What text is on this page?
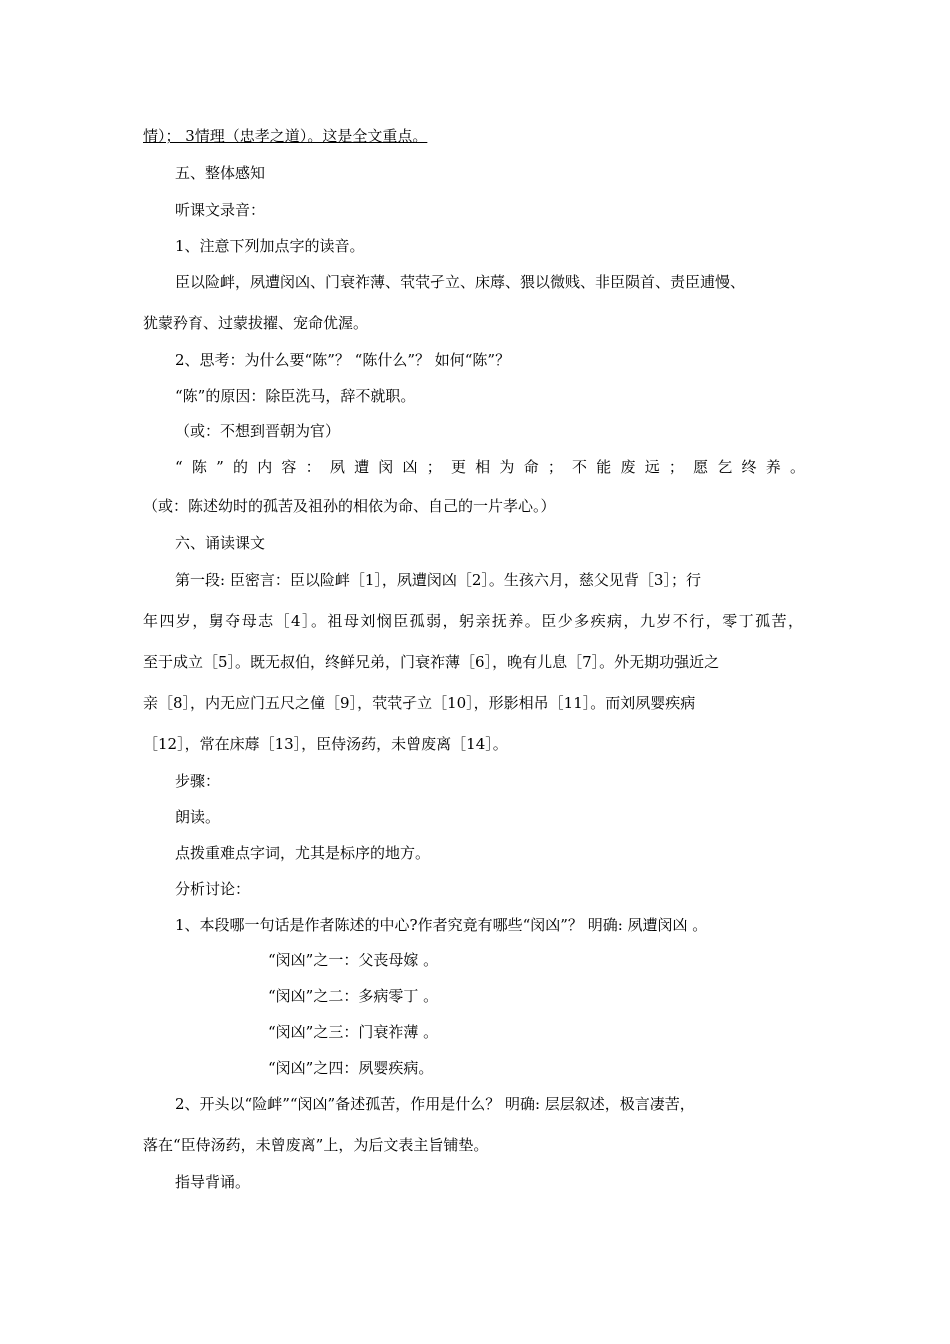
情）； 3情理（忠孝之道）。这是全文重点。

五、整体感知

听课文录音：

1、注意下列加点字的读音。

臣以险衅，夙遭闵凶、门衰祚薄、茕茕孑立、床蓐、猥以微贱、非臣陨首、责臣逋慢、

犹蒙矜育、过蒙拔擢、宠命优渥。

2、思考：为什么要“陈”？ “陈什么”？ 如何“陈”？

“陈”的原因：除臣洗马，辞不就职。

（或：不想到晋朝为官）

“陈”的内容：夙遭闵凶；更相为命；不能废远；愿乞终养。

（或：陈述幼时的孤苦及祖孙的相依为命、自己的一片孝心。）

六、诵读课文

第一段: 臣密言：臣以险衅［1］，夙遭闵凶［2］。生孩六月，慈父见背［3］；行

年四岁，舅夺母志［4］。祖母刘悯臣孤弱，躬亲抚养。臣少多疾病，九岁不行，零丁孤苦，

至于成立［5］。既无叔伯，终鲜兄弟，门衰祚薄［6］，晚有儿息［7］。外无期功强近之

亲［8］，内无应门五尺之僮［9］，茕茕孑立［10］，形影相吊［11］。而刘夙婴疾病

［12］，常在床蓐［13］，臣侍汤药，未曾废离［14］。

步骤：

朗读。

点拨重难点字词，尤其是标序的地方。

分析讨论：

1、本段哪一句话是作者陈述的中心?作者究竟有哪些“闵凶”？ 明确: 夙遭闵凶 。

“闵凶”之一：父丧母嫁 。

“闵凶”之二：多病零丁 。

“闵凶”之三：门衰祚薄 。

“闵凶”之四：夙婴疾病。

2、开头以“险衅”“闵凶”备述孤苦，作用是什么？ 明确: 层层叙述，极言凄苦，

落在“臣侍汤药，未曾废离”上，为后文表主旨铺垫。

指导背诵。
